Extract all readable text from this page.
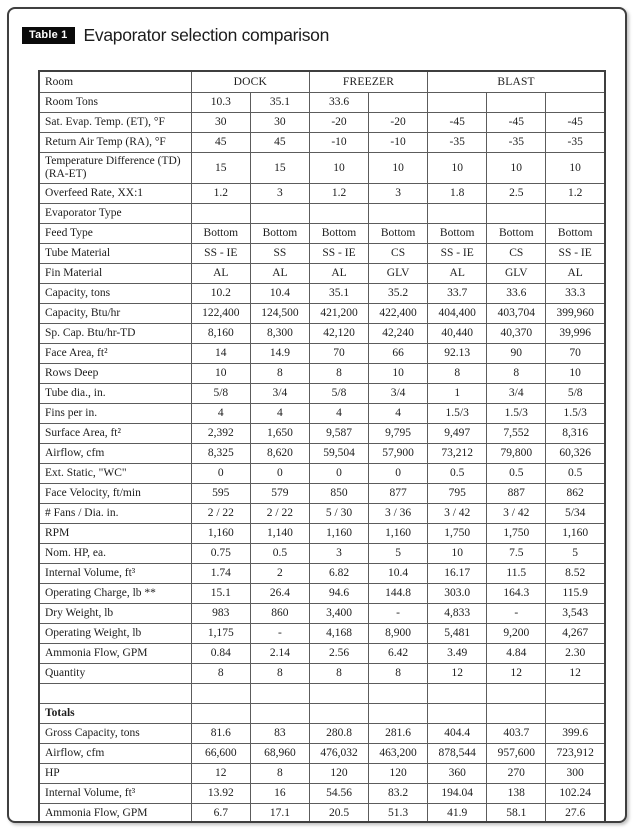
Table 1 Evaporator selection comparison
Room	DOCK		FREEZER		BLAST		
Room Tons	10.3	35.1	33.6				
Sat. Evap. Temp. (ET), °F	30	30	-20	-20	-45	-45	-45
Return Air Temp (RA), °F	45	45	-10	-10	-35	-35	-35
Temperature Difference (TD) (RA-ET)	15	15	10	10	10	10	10
Overfeed Rate, XX:1	1.2	3	1.2	3	1.8	2.5	1.2
Evaporator Type							
Feed Type	Bottom	Bottom	Bottom	Bottom	Bottom	Bottom	Bottom
Tube Material	SS - IE	SS	SS - IE	CS	SS - IE	CS	SS - IE
Fin Material	AL	AL	AL	GLV	AL	GLV	AL
Capacity, tons	10.2	10.4	35.1	35.2	33.7	33.6	33.3
Capacity, Btu/hr	122,400	124,500	421,200	422,400	404,400	403,704	399,960
Sp. Cap. Btu/hr-TD	8,160	8,300	42,120	42,240	40,440	40,370	39,996
Face Area, ft²	14	14.9	70	66	92.13	90	70
Rows Deep	10	8	8	10	8	8	10
Tube dia., in.	5/8	3/4	5/8	3/4	1	3/4	5/8
Fins per in.	4	4	4	4	1.5/3	1.5/3	1.5/3
Surface Area, ft²	2,392	1,650	9,587	9,795	9,497	7,552	8,316
Airflow, cfm	8,325	8,620	59,504	57,900	73,212	79,800	60,326
Ext. Static, "WC"	0	0	0	0	0.5	0.5	0.5
Face Velocity, ft/min	595	579	850	877	795	887	862
# Fans / Dia. in.	2 / 22	2 / 22	5 / 30	3 / 36	3 / 42	3 / 42	5/34
RPM	1,160	1,140	1,160	1,160	1,750	1,750	1,160
Nom. HP, ea.	0.75	0.5	3	5	10	7.5	5
Internal Volume, ft³	1.74	2	6.82	10.4	16.17	11.5	8.52
Operating Charge, lb **	15.1	26.4	94.6	144.8	303.0	164.3	115.9
Dry Weight, lb	983	860	3,400	-	4,833	-	3,543
Operating Weight, lb	1,175	-	4,168	8,900	5,481	9,200	4,267
Ammonia Flow, GPM	0.84	2.14	2.56	6.42	3.49	4.84	2.30
Quantity	8	8	8	8	12	12	12

Totals							
Gross Capacity, tons	81.6	83	280.8	281.6	404.4	403.7	399.6
Airflow, cfm	66,600	68,960	476,032	463,200	878,544	957,600	723,912
HP	12	8	120	120	360	270	300
Internal Volume, ft³	13.92	16	54.56	83.2	194.04	138	102.24
Ammonia Flow, GPM	6.7	17.1	20.5	51.3	41.9	58.1	27.6
